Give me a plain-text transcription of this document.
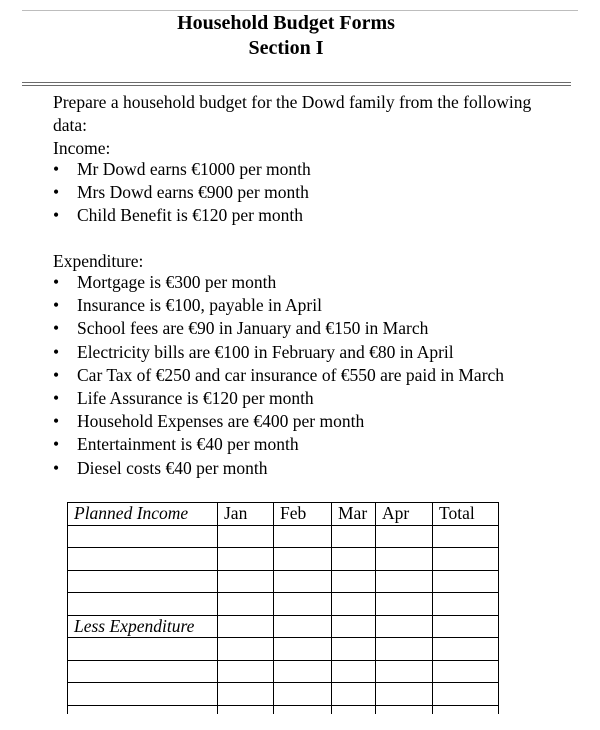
Household Budget Forms
Section I
Prepare a household budget for the Dowd family from the following data:
Income:
• Mr Dowd earns €1000 per month
• Mrs Dowd earns €900 per month
• Child Benefit is €120 per month
Expenditure:
• Mortgage is €300 per month
• Insurance is €100, payable in April
• School fees are €90 in January and €150 in March
• Electricity bills are €100 in February and €80 in April
• Car Tax of €250 and car insurance of €550 are paid in March
• Life Assurance is €120 per month
• Household Expenses are €400 per month
• Entertainment is €40 per month
• Diesel costs €40 per month
Planned Income	Jan	Feb	Mar	Apr	Total

Less Expenditure					
